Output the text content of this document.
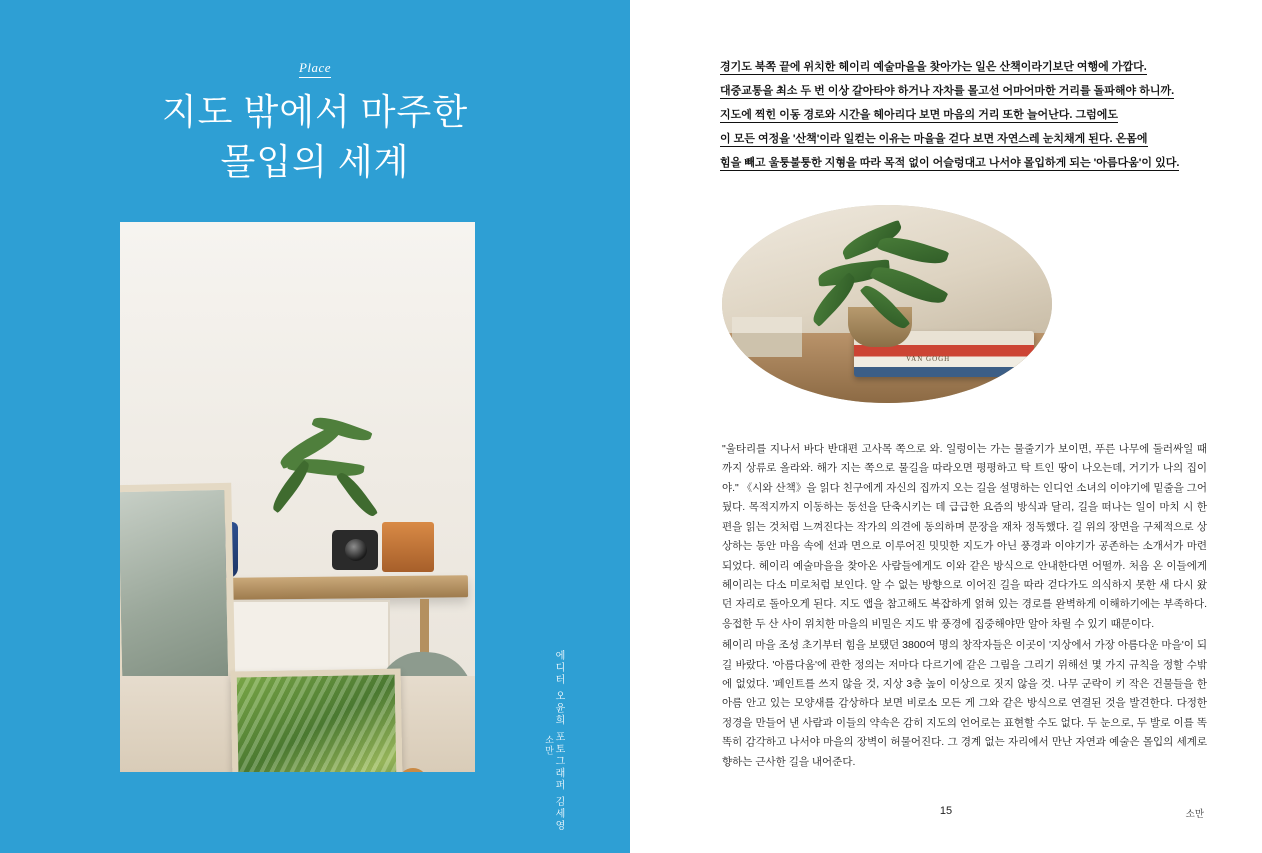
Place
지도 밖에서 마주한
몰입의 세계
에디터 오윤희 포토그래퍼 김세영
소만

경기도 북쪽 끝에 위치한 헤이리 예술마을을 찾아가는 일은 산책이라기보단 여행에 가깝다.

대중교통을 최소 두 번 이상 갈아타야 하거나 자차를 몰고선 어마어마한 거리를 돌파해야 하니까.

지도에 찍힌 이동 경로와 시간을 헤아리다 보면 마음의 거리 또한 늘어난다. 그럼에도

이 모든 여정을 '산책'이라 일컫는 이유는 마을을 걷다 보면 자연스레 눈치채게 된다. 온몸에

힘을 빼고 울퉁불퉁한 지형을 따라 목적 없이 어슬렁대고 나서야 몰입하게 되는 '아름다움'이 있다.

VAN GOGH

"울타리를 지나서 바다 반대편 고사목 쪽으로 와. 일렁이는 가는 물줄기가 보이면, 푸른 나무에 둘러싸일 때까지 상류로 올라와. 해가 지는 쪽으로 물길을 따라오면 평평하고 탁 트인 땅이 나오는데, 거기가 나의 집이야." 《시와 산책》을 읽다 친구에게 자신의 집까지 오는 길을 설명하는 인디언 소녀의 이야기에 밑줄을 그어 뒀다. 목적지까지 이동하는 동선을 단축시키는 데 급급한 요즘의 방식과 달리, 길을 떠나는 일이 마치 시 한 편을 읽는 것처럼 느껴진다는 작가의 의견에 동의하며 문장을 재차 정독했다. 길 위의 장면을 구체적으로 상상하는 동안 마음 속에 선과 면으로 이루어진 밋밋한 지도가 아닌 풍경과 이야기가 공존하는 소개서가 마련되었다. 헤이리 예술마을을 찾아온 사람들에게도 이와 같은 방식으로 안내한다면 어떨까. 처음 온 이들에게 헤이리는 다소 미로처럼 보인다. 알 수 없는 방향으로 이어진 길을 따라 걷다가도 의식하지 못한 새 다시 왔던 자리로 돌아오게 된다. 지도 앱을 참고해도 복잡하게 얽혀 있는 경로를 완벽하게 이해하기에는 부족하다. 응접한 두 산 사이 위치한 마을의 비밀은 지도 밖 풍경에 집중해야만 알아 차릴 수 있기 때문이다.

헤이리 마을 조성 초기부터 힘을 보탰던 3800여 명의 창작자들은 이곳이 '지상에서 가장 아름다운 마을'이 되길 바랐다. '아름다움'에 관한 정의는 저마다 다르기에 같은 그림을 그리기 위해선 몇 가지 규칙을 정할 수밖에 없었다. '페인트를 쓰지 않을 것, 지상 3층 높이 이상으로 짓지 않을 것. 나무 군락이 키 작은 건물들을 한 아름 안고 있는 모양새를 감상하다 보면 비로소 모든 게 그와 같은 방식으로 연결된 것을 발견한다. 다정한 정경을 만들어 낸 사람과 이들의 약속은 감히 지도의 언어로는 표현할 수도 없다. 두 눈으로, 두 발로 이를 똑똑히 감각하고 나서야 마을의 장벽이 허물어진다. 그 경계 없는 자리에서 만난 자연과 예술은 몰입의 세계로 향하는 근사한 길을 내어준다.

15	소만
